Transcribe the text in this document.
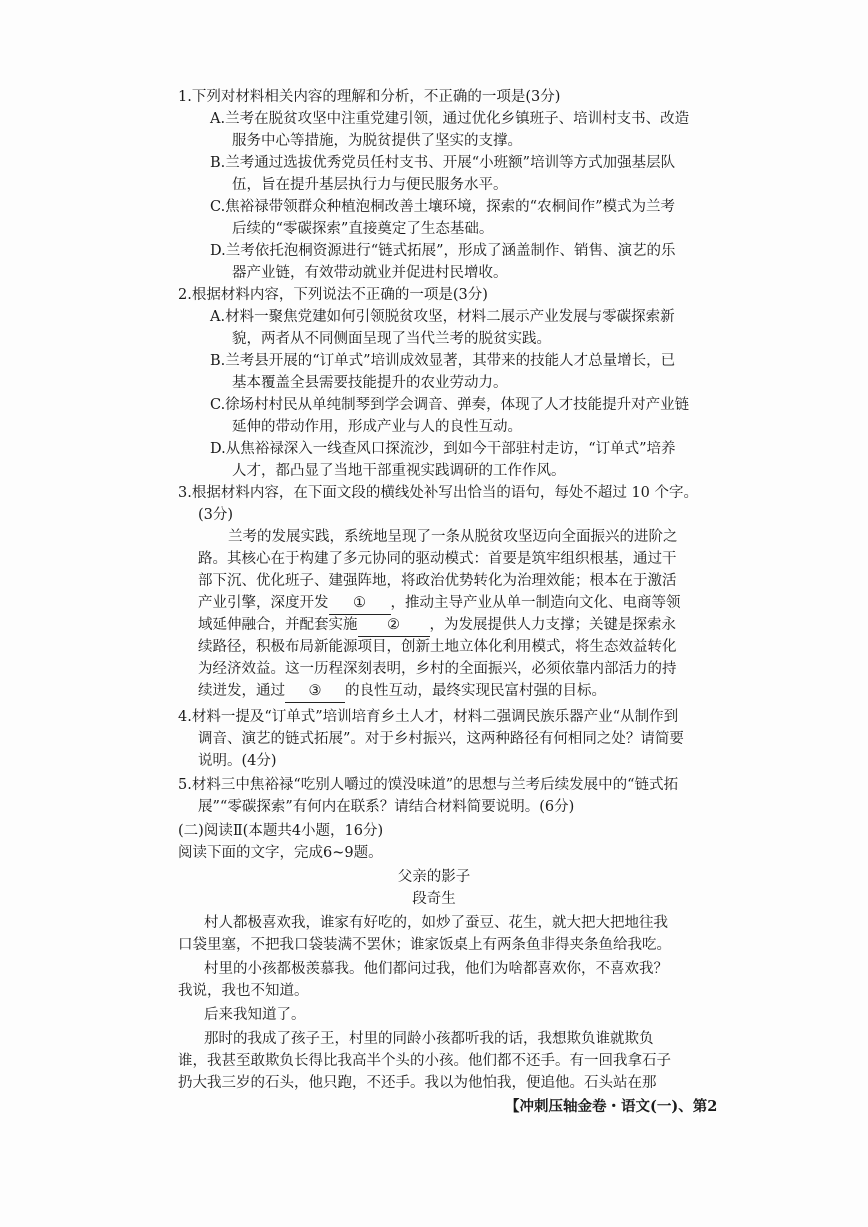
1.下列对材料相关内容的理解和分析，不正确的一项是(3分)
A.兰考在脱贫攻坚中注重党建引领，通过优化乡镇班子、培训村支书、改造
服务中心等措施，为脱贫提供了坚实的支撑。
B.兰考通过选拔优秀党员任村支书、开展“小班额”培训等方式加强基层队
伍，旨在提升基层执行力与便民服务水平。
C.焦裕禄带领群众种植泡桐改善土壤环境，探索的“农桐间作”模式为兰考
后续的“零碳探索”直接奠定了生态基础。
D.兰考依托泡桐资源进行“链式拓展”，形成了涵盖制作、销售、演艺的乐
器产业链，有效带动就业并促进村民增收。
2.根据材料内容，下列说法不正确的一项是(3分)
A.材料一聚焦党建如何引领脱贫攻坚，材料二展示产业发展与零碳探索新
貌，两者从不同侧面呈现了当代兰考的脱贫实践。
B.兰考县开展的“订单式”培训成效显著，其带来的技能人才总量增长，已
基本覆盖全县需要技能提升的农业劳动力。
C.徐场村村民从单纯制琴到学会调音、弹奏，体现了人才技能提升对产业链
延伸的带动作用，形成产业与人的良性互动。
D.从焦裕禄深入一线查风口探流沙，到如今干部驻村走访，“订单式”培养
人才，都凸显了当地干部重视实践调研的工作作风。
3.根据材料内容，在下面文段的横线处补写出恰当的语句，每处不超过 10 个字。
(3分)
兰考的发展实践，系统地呈现了一条从脱贫攻坚迈向全面振兴的进阶之
路。其核心在于构建了多元协同的驱动模式：首要是筑牢组织根基，通过干
部下沉、优化班子、建强阵地，将政治优势转化为治理效能；根本在于激活
产业引擎，深度开发 ① ，推动主导产业从单一制造向文化、电商等领
域延伸融合，并配套实施 ② ，为发展提供人力支撑；关键是探索永
续路径，积极布局新能源项目，创新土地立体化利用模式，将生态效益转化
为经济效益。这一历程深刻表明，乡村的全面振兴，必须依靠内部活力的持
续迸发，通过 ③ 的良性互动，最终实现民富村强的目标。
4.材料一提及“订单式”培训培育乡土人才，材料二强调民族乐器产业“从制作到
调音、演艺的链式拓展”。对于乡村振兴，这两种路径有何相同之处？请简要
说明。(4分)
5.材料三中焦裕禄“吃别人嚼过的馍没味道”的思想与兰考后续发展中的“链式拓
展”“零碳探索”有何内在联系？请结合材料简要说明。(6分)
(二)阅读Ⅱ(本题共4小题，16分)
阅读下面的文字，完成6~9题。
父亲的影子
段奇生
村人都极喜欢我，谁家有好吃的，如炒了蚕豆、花生，就大把大把地往我
口袋里塞，不把我口袋装满不罢休；谁家饭桌上有两条鱼非得夹条鱼给我吃。
村里的小孩都极羡慕我。他们都问过我，他们为啥都喜欢你，不喜欢我？
我说，我也不知道。
后来我知道了。
那时的我成了孩子王，村里的同龄小孩都听我的话，我想欺负谁就欺负
谁，我甚至敢欺负长得比我高半个头的小孩。他们都不还手。有一回我拿石子
扔大我三岁的石头，他只跑，不还手。我以为他怕我，便追他。石头站在那
【冲刺压轴金卷・语文(一)、第2
